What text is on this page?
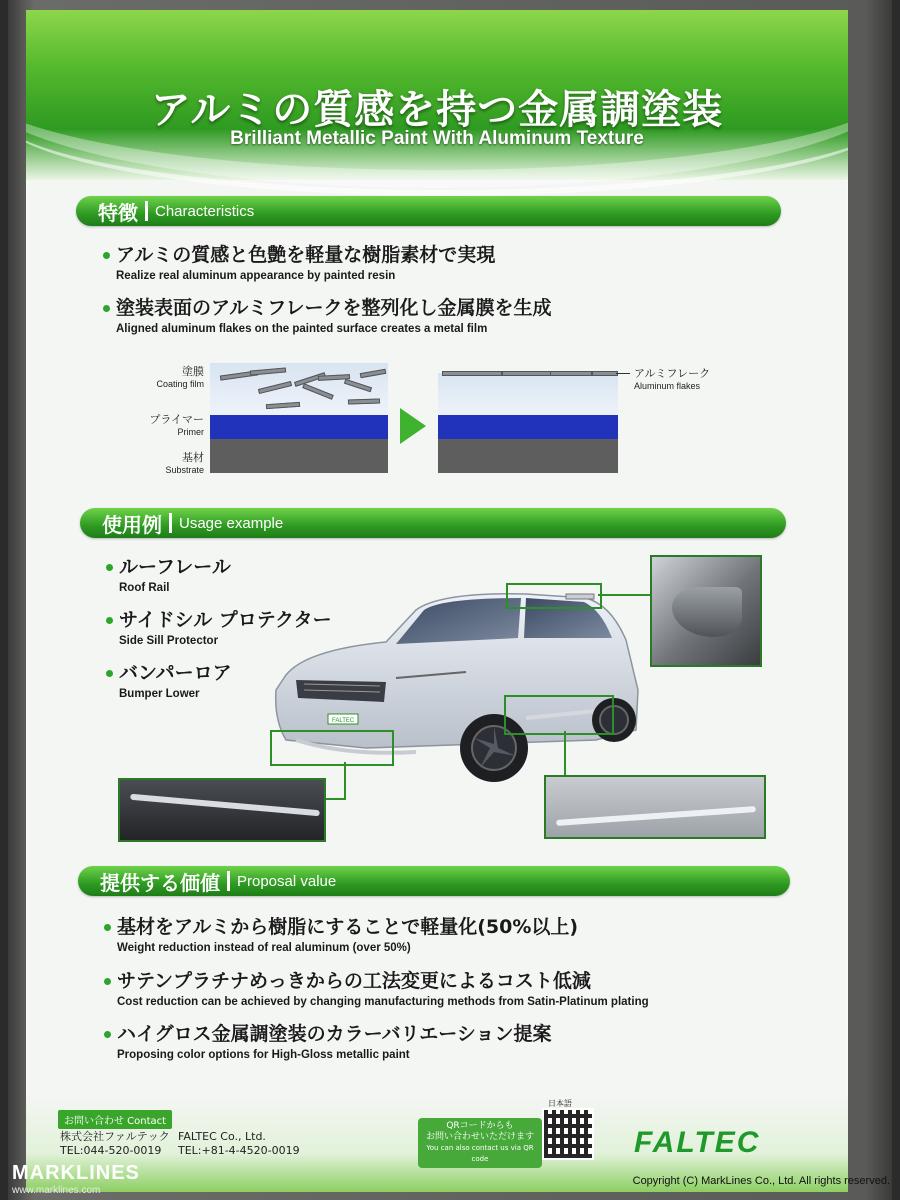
アルミの質感を持つ金属調塗装
Brilliant Metallic Paint With Aluminum Texture
特徴 Characteristics
アルミの質感と色艶を軽量な樹脂素材で実現
Realize real aluminum appearance by painted resin
塗装表面のアルミフレークを整列化し金属膜を生成
Aligned aluminum flakes on the painted surface creates a metal film
塗膜
Coating film
プライマー
Primer
基材
Substrate
アルミフレーク
Aluminum flakes
使用例 Usage example
ルーフレール
Roof Rail
サイドシル プロテクター
Side Sill Protector
バンパーロア
Bumper Lower
FALTEC
提供する価値 Proposal value
基材をアルミから樹脂にすることで軽量化(50%以上)
Weight reduction instead of real aluminum (over 50%)
サテンプラチナめっきからの工法変更によるコスト低減
Cost reduction can be achieved by changing manufacturing methods from Satin-Platinum plating
ハイグロス金属調塗装のカラーバリエーション提案
Proposing color options for High-Gloss metallic paint
お問い合わせ Contact
株式会社ファルテック
TEL:044-520-0019
FALTEC Co., Ltd.
TEL:+81-4-4520-0019
QRコードからも
お問い合わせいただけます
You can also contact us via QR code
日本語
FALTEC
MARKLINES
www.marklines.com
Copyright (C) MarkLines Co., Ltd. All rights reserved.
